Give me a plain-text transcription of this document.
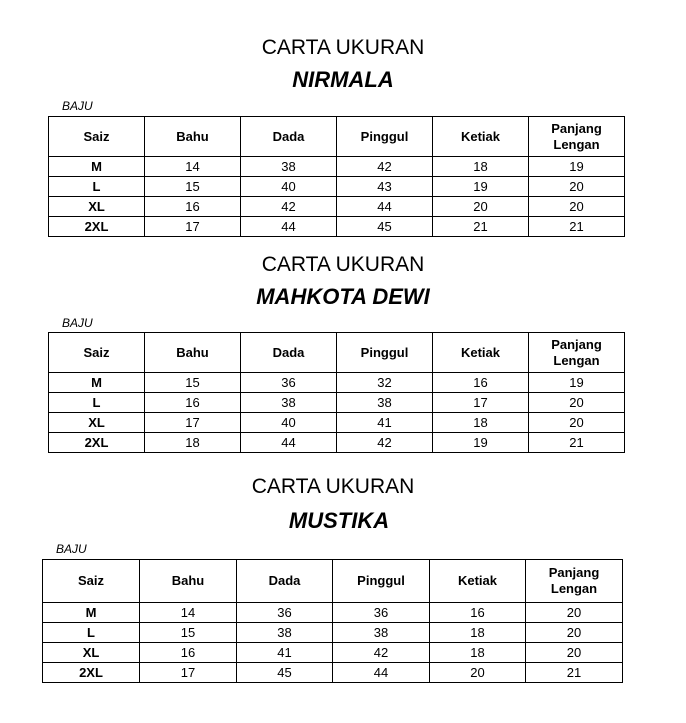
CARTA UKURAN
NIRMALA
BAJU
Saiz	Bahu	Dada	Pinggul	Ketiak	Panjang Lengan
M	14	38	42	18	19
L	15	40	43	19	20
XL	16	42	44	20	20
2XL	17	44	45	21	21
CARTA UKURAN
MAHKOTA DEWI
BAJU
Saiz	Bahu	Dada	Pinggul	Ketiak	Panjang Lengan
M	15	36	32	16	19
L	16	38	38	17	20
XL	17	40	41	18	20
2XL	18	44	42	19	21
CARTA UKURAN
MUSTIKA
BAJU
Saiz	Bahu	Dada	Pinggul	Ketiak	Panjang Lengan
M	14	36	36	16	20
L	15	38	38	18	20
XL	16	41	42	18	20
2XL	17	45	44	20	21
